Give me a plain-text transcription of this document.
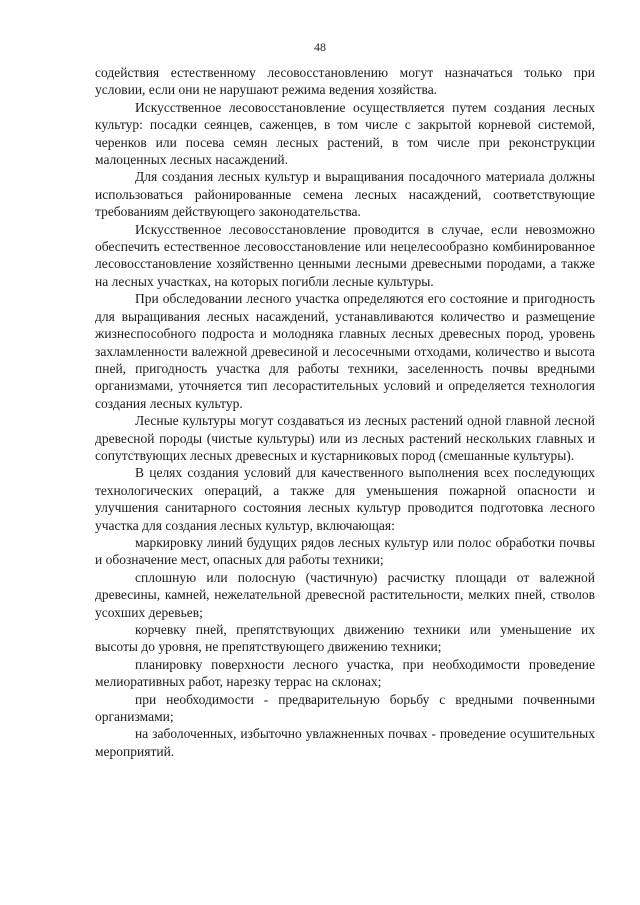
48

содействия естественному лесовосстановлению могут назначаться только при условии, если они не нарушают режима ведения хозяйства.

Искусственное лесовосстановление осуществляется путем создания лесных культур: посадки сеянцев, саженцев, в том числе с закрытой корневой системой, черенков или посева семян лесных растений, в том числе при реконструкции малоценных лесных насаждений.

Для создания лесных культур и выращивания посадочного материала должны использоваться районированные семена лесных насаждений, соответствующие требованиям действующего законодательства.

Искусственное лесовосстановление проводится в случае, если невозможно обеспечить естественное лесовосстановление или нецелесообразно комбинированное лесовосстановление хозяйственно ценными лесными древесными породами, а также на лесных участках, на которых погибли лесные культуры.

При обследовании лесного участка определяются его состояние и пригодность для выращивания лесных насаждений, устанавливаются количество и размещение жизнеспособного подроста и молодняка главных лесных древесных пород, уровень захламленности валежной древесиной и лесосечными отходами, количество и высота пней, пригодность участка для работы техники, заселенность почвы вредными организмами, уточняется тип лесорастительных условий и определяется технология создания лесных культур.

Лесные культуры могут создаваться из лесных растений одной главной лесной древесной породы (чистые культуры) или из лесных растений нескольких главных и сопутствующих лесных древесных и кустарниковых пород (смешанные культуры).

В целях создания условий для качественного выполнения всех последующих технологических операций, а также для уменьшения пожарной опасности и улучшения санитарного состояния лесных культур проводится подготовка лесного участка для создания лесных культур, включающая:

маркировку линий будущих рядов лесных культур или полос обработки почвы и обозначение мест, опасных для работы техники;

сплошную или полосную (частичную) расчистку площади от валежной древесины, камней, нежелательной древесной растительности, мелких пней, стволов усохших деревьев;

корчевку пней, препятствующих движению техники или уменьшение их высоты до уровня, не препятствующего движению техники;

планировку поверхности лесного участка, при необходимости проведение мелиоративных работ, нарезку террас на склонах;

при необходимости - предварительную борьбу с вредными почвенными организмами;

на заболоченных, избыточно увлажненных почвах - проведение осушительных мероприятий.
